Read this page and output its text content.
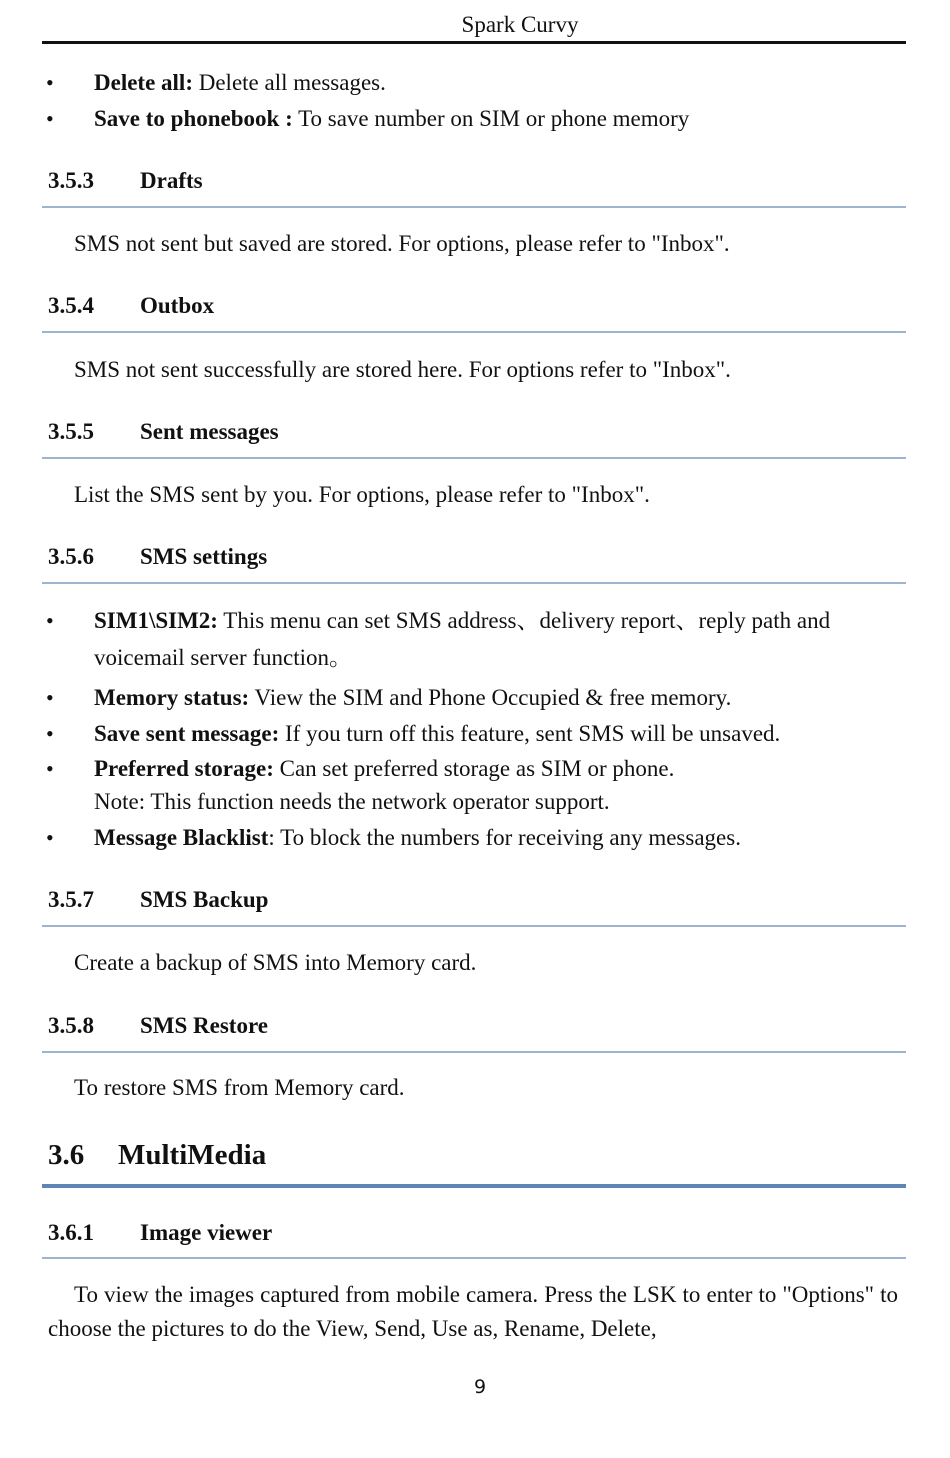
Spark Curvy
• Delete all: Delete all messages.
• Save to phonebook : To save number on SIM or phone memory
3.5.3 Drafts
SMS not sent but saved are stored. For options, please refer to "Inbox".
3.5.4 Outbox
SMS not sent successfully are stored here. For options refer to "Inbox".
3.5.5 Sent messages
List the SMS sent by you. For options, please refer to "Inbox".
3.5.6 SMS settings
• SIM1\SIM2: This menu can set SMS address、delivery report、reply path and voicemail server function。
• Memory status: View the SIM and Phone Occupied & free memory.
• Save sent message: If you turn off this feature, sent SMS will be unsaved.
• Preferred storage: Can set preferred storage as SIM or phone.
Note: This function needs the network operator support.
• Message Blacklist: To block the numbers for receiving any messages.
3.5.7 SMS Backup
Create a backup of SMS into Memory card.
3.5.8 SMS Restore
To restore SMS from Memory card.
3.6 MultiMedia
3.6.1 Image viewer
To view the images captured from mobile camera. Press the LSK to enter to "Options" to choose the pictures to do the View, Send, Use as, Rename, Delete,
9
